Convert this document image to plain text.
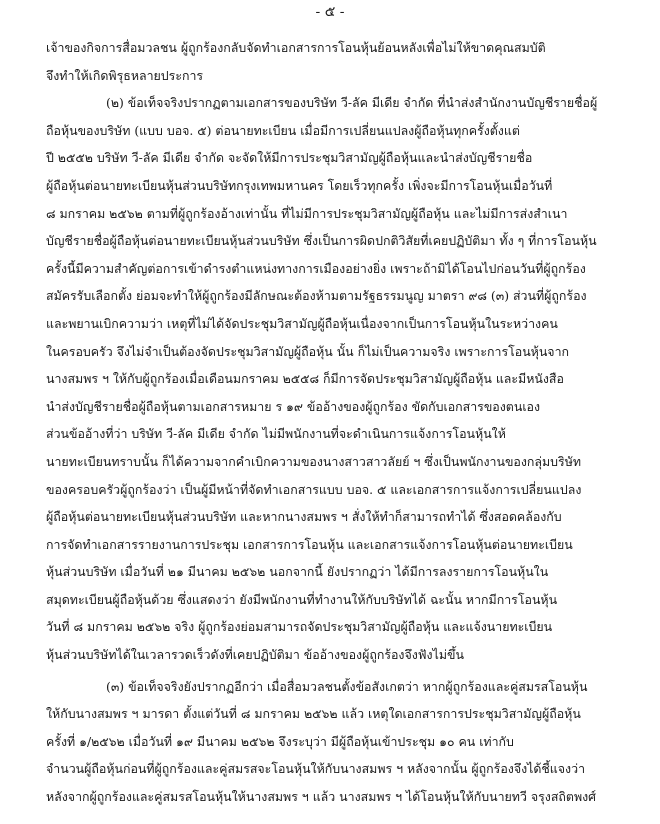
- ๕ -
เจ้าของกิจการสื่อมวลชน ผู้ถูกร้องกลับจัดทำเอกสารการโอนหุ้นย้อนหลังเพื่อไม่ให้ขาดคุณสมบัติ
จึงทำให้เกิดพิรุธหลายประการ
(๒) ข้อเท็จจริงปรากฏตามเอกสารของบริษัท วี-ลัค มีเดีย จำกัด ที่นำส่งสำนักงานบัญชีรายชื่อผู้
ถือหุ้นของบริษัท (แบบ บอจ. ๕) ต่อนายทะเบียน เมื่อมีการเปลี่ยนแปลงผู้ถือหุ้นทุกครั้งตั้งแต่
ปี ๒๕๕๒ บริษัท วี-ลัค มีเดีย จำกัด จะจัดให้มีการประชุมวิสามัญผู้ถือหุ้นและนำส่งบัญชีรายชื่อ
ผู้ถือหุ้นต่อนายทะเบียนหุ้นส่วนบริษัทกรุงเทพมหานคร โดยเร็วทุกครั้ง เพิ่งจะมีการโอนหุ้นเมื่อวันที่
๘ มกราคม ๒๕๖๒ ตามที่ผู้ถูกร้องอ้างเท่านั้น ที่ไม่มีการประชุมวิสามัญผู้ถือหุ้น และไม่มีการส่งสำเนา
บัญชีรายชื่อผู้ถือหุ้นต่อนายทะเบียนหุ้นส่วนบริษัท ซึ่งเป็นการผิดปกติวิสัยที่เคยปฏิบัติมา ทั้ง ๆ ที่การโอนหุ้น
ครั้งนี้มีความสำคัญต่อการเข้าดำรงตำแหน่งทางการเมืองอย่างยิ่ง เพราะถ้ามิได้โอนไปก่อนวันที่ผู้ถูกร้อง
สมัครรับเลือกตั้ง ย่อมจะทำให้ผู้ถูกร้องมีลักษณะต้องห้ามตามรัฐธรรมนูญ มาตรา ๙๘ (๓) ส่วนที่ผู้ถูกร้อง
และพยานเบิกความว่า เหตุที่ไม่ได้จัดประชุมวิสามัญผู้ถือหุ้นเนื่องจากเป็นการโอนหุ้นในระหว่างคน
ในครอบครัว จึงไม่จำเป็นต้องจัดประชุมวิสามัญผู้ถือหุ้น นั้น ก็ไม่เป็นความจริง เพราะการโอนหุ้นจาก
นางสมพร ฯ ให้กับผู้ถูกร้องเมื่อเดือนมกราคม ๒๕๕๘ ก็มีการจัดประชุมวิสามัญผู้ถือหุ้น และมีหนังสือ
นำส่งบัญชีรายชื่อผู้ถือหุ้นตามเอกสารหมาย ร ๑๙ ข้ออ้างของผู้ถูกร้อง ขัดกับเอกสารของตนเอง
ส่วนข้ออ้างที่ว่า บริษัท วี-ลัค มีเดีย จำกัด ไม่มีพนักงานที่จะดำเนินการแจ้งการโอนหุ้นให้
นายทะเบียนทราบนั้น ก็ได้ความจากคำเบิกความของนางสาวสาวลัยย์ ฯ ซึ่งเป็นพนักงานของกลุ่มบริษัท
ของครอบครัวผู้ถูกร้องว่า เป็นผู้มีหน้าที่จัดทำเอกสารแบบ บอจ. ๕ และเอกสารการแจ้งการเปลี่ยนแปลง
ผู้ถือหุ้นต่อนายทะเบียนหุ้นส่วนบริษัท และหากนางสมพร ฯ สั่งให้ทำก็สามารถทำได้ ซึ่งสอดคล้องกับ
การจัดทำเอกสารรายงานการประชุม เอกสารการโอนหุ้น และเอกสารแจ้งการโอนหุ้นต่อนายทะเบียน
หุ้นส่วนบริษัท เมื่อวันที่ ๒๑ มีนาคม ๒๕๖๒ นอกจากนี้ ยังปรากฏว่า ได้มีการลงรายการโอนหุ้นใน
สมุดทะเบียนผู้ถือหุ้นด้วย ซึ่งแสดงว่า ยังมีพนักงานที่ทำงานให้กับบริษัทได้ ฉะนั้น หากมีการโอนหุ้น
วันที่ ๘ มกราคม ๒๕๖๒ จริง ผู้ถูกร้องย่อมสามารถจัดประชุมวิสามัญผู้ถือหุ้น และแจ้งนายทะเบียน
หุ้นส่วนบริษัทได้ในเวลารวดเร็วดังที่เคยปฏิบัติมา ข้ออ้างของผู้ถูกร้องจึงฟังไม่ขึ้น
(๓) ข้อเท็จจริงยังปรากฏอีกว่า เมื่อสื่อมวลชนตั้งข้อสังเกตว่า หากผู้ถูกร้องและคู่สมรสโอนหุ้น
ให้กับนางสมพร ฯ มารดา ตั้งแต่วันที่ ๘ มกราคม ๒๕๖๒ แล้ว เหตุใดเอกสารการประชุมวิสามัญผู้ถือหุ้น
ครั้งที่ ๑/๒๕๖๒ เมื่อวันที่ ๑๙ มีนาคม ๒๕๖๒ จึงระบุว่า มีผู้ถือหุ้นเข้าประชุม ๑๐ คน เท่ากับ
จำนวนผู้ถือหุ้นก่อนที่ผู้ถูกร้องและคู่สมรสจะโอนหุ้นให้กับนางสมพร ฯ หลังจากนั้น ผู้ถูกร้องจึงได้ชี้แจงว่า
หลังจากผู้ถูกร้องและคู่สมรสโอนหุ้นให้นางสมพร ฯ แล้ว นางสมพร ฯ ได้โอนหุ้นให้กับนายทวี จรุงสถิตพงศ์
